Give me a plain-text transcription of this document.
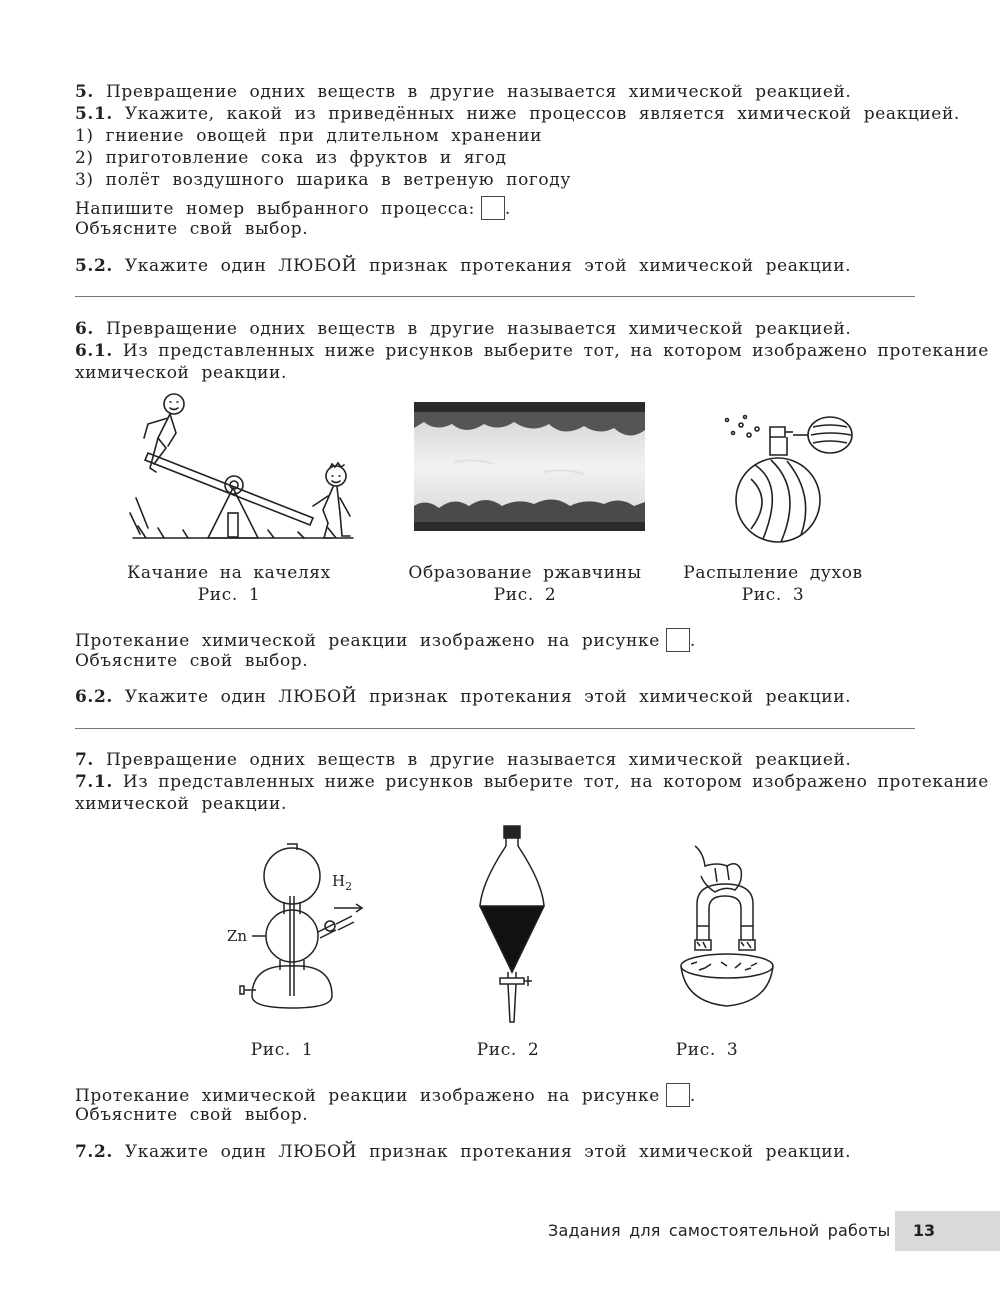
5. Превращение одних веществ в другие называется химической реакцией.
5.1. Укажите, какой из приведённых ниже процессов является химической реакцией.
1) гниение овощей при длительном хранении
2) приготовление сока из фруктов и ягод
3) полёт воздушного шарика в ветреную погоду
Напишите номер выбранного процесса: .
Объясните свой выбор.
5.2. Укажите один ЛЮБОЙ признак протекания этой химической реакции.
6. Превращение одних веществ в другие называется химической реакцией.
6.1. Из представленных ниже рисунков выберите тот, на котором изображено протекание
химической реакции.
Качание на качелях
Рис. 1
Образование ржавчины
Рис. 2
Распыление духов
Рис. 3
Протекание химической реакции изображено на рисунке .
Объясните свой выбор.
6.2. Укажите один ЛЮБОЙ признак протекания этой химической реакции.
7. Превращение одних веществ в другие называется химической реакцией.
7.1. Из представленных ниже рисунков выберите тот, на котором изображено протекание
химической реакции.
Zn
$H_2$
Рис. 1	Рис. 2	Рис. 3
Протекание химической реакции изображено на рисунке .
Объясните свой выбор.
7.2. Укажите один ЛЮБОЙ признак протекания этой химической реакции.
Задания для самостоятельной работы	13
